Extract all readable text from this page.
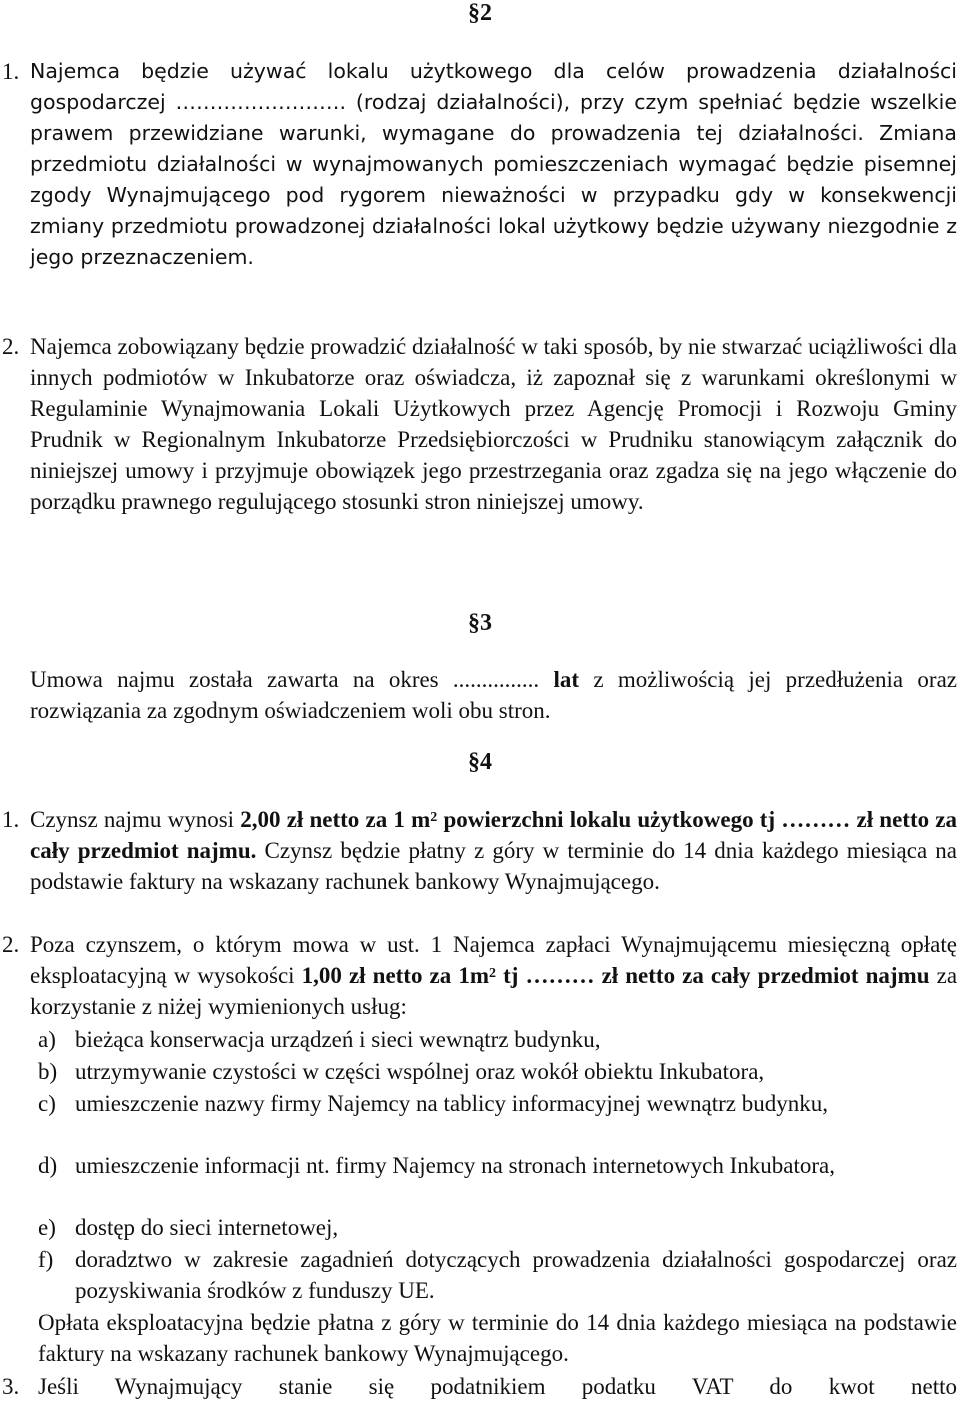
§2
1. Najemca będzie używać lokalu użytkowego dla celów prowadzenia działalności gospodarczej ……………………. (rodzaj działalności), przy czym spełniać będzie wszelkie prawem przewidziane warunki, wymagane do prowadzenia tej działalności. Zmiana przedmiotu działalności w wynajmowanych pomieszczeniach wymagać będzie pisemnej zgody Wynajmującego pod rygorem nieważności w przypadku gdy w konsekwencji zmiany przedmiotu prowadzonej działalności lokal użytkowy będzie używany niezgodnie z jego przeznaczeniem.
2. Najemca zobowiązany będzie prowadzić działalność w taki sposób, by nie stwarzać uciążliwości dla innych podmiotów w Inkubatorze oraz oświadcza, iż zapoznał się z warunkami określonymi w Regulaminie Wynajmowania Lokali Użytkowych przez Agencję Promocji i Rozwoju Gminy Prudnik w Regionalnym Inkubatorze Przedsiębiorczości w Prudniku stanowiącym załącznik do niniejszej umowy i przyjmuje obowiązek jego przestrzegania oraz zgadza się na jego włączenie do porządku prawnego regulującego stosunki stron niniejszej umowy.
§3
Umowa najmu została zawarta na okres ............... lat z możliwością jej przedłużenia oraz rozwiązania za zgodnym oświadczeniem woli obu stron.
§4
1. Czynsz najmu wynosi 2,00 zł netto za 1 $m^2$ powierzchni lokalu użytkowego tj ……… zł netto za cały przedmiot najmu. Czynsz będzie płatny z góry w terminie do 14 dnia każdego miesiąca na podstawie faktury na wskazany rachunek bankowy Wynajmującego.
2. Poza czynszem, o którym mowa w ust. 1 Najemca zapłaci Wynajmującemu miesięczną opłatę eksploatacyjną w wysokości 1,00 zł netto za $1m^2$ tj ……… zł netto za cały przedmiot najmu za korzystanie z niżej wymienionych usług:
a) bieżąca konserwacja urządzeń i sieci wewnątrz budynku,
b) utrzymywanie czystości w części wspólnej oraz wokół obiektu Inkubatora,
c) umieszczenie nazwy firmy Najemcy na tablicy informacyjnej wewnątrz budynku,
d) umieszczenie informacji nt. firmy Najemcy na stronach internetowych Inkubatora,
e) dostęp do sieci internetowej,
f) doradztwo w zakresie zagadnień dotyczących prowadzenia działalności gospodarczej oraz pozyskiwania środków z funduszy UE.
Opłata eksploatacyjna będzie płatna z góry w terminie do 14 dnia każdego miesiąca na podstawie faktury na wskazany rachunek bankowy Wynajmującego.
3. Jeśli Wynajmujący stanie się podatnikiem podatku VAT do kwot netto
